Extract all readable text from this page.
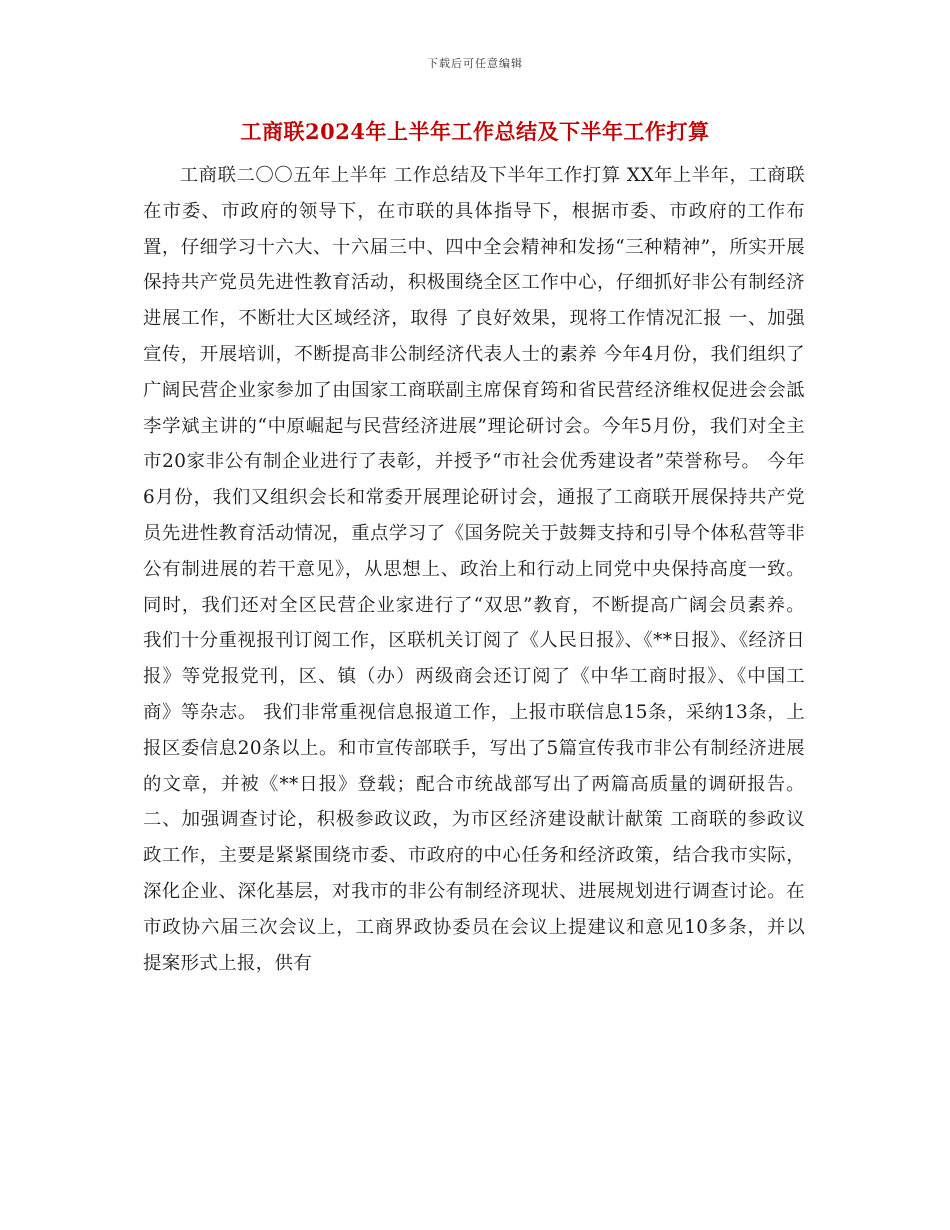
下载后可任意编辑
工商联2024年上半年工作总结及下半年工作打算

工商联二〇〇五年上半年 工作总结及下半年工作打算 XX年上半年，工商联在市委、市政府的领导下，在市联的具体指导下，根据市委、市政府的工作布置，仔细学习十六大、十六届三中、四中全会精神和发扬“三种精神”，所实开展保持共产党员先进性教育活动，积极围绕全区工作中心，仔细抓好非公有制经济进展工作，不断壮大区域经济，取得 了良好效果，现将工作情况汇报 一、加强宣传，开展培训，不断提高非公制经济代表人士的素养 今年4月份，我们组织了广阔民营企业家参加了由国家工商联副主席保育筠和省民营经济维权促进会会詆李学斌主讲的“中原崛起与民营经济进展”理论研讨会。今年5月份，我们对全主市20家非公有制企业进行了表彰，并授予“市社会优秀建设者”荣誉称号。 今年6月份，我们又组织会长和常委开展理论研讨会，通报了工商联开展保持共产党员先进性教育活动情况，重点学习了《国务院关于鼓舞支持和引导个体私营等非公有制进展的若干意见》，从思想上、政治上和行动上同党中央保持高度一致。同时，我们还对全区民营企业家进行了“双思”教育，不断提高广阔会员素养。 我们十分重视报刊订阅工作，区联机关订阅了《人民日报》、《**日报》、《经济日报》等党报党刊，区、镇（办）两级商会还订阅了《中华工商时报》、《中国工商》等杂志。 我们非常重视信息报道工作，上报市联信息15条，采纳13条，上报区委信息20条以上。和市宣传部联手，写出了5篇宣传我市非公有制经济进展的文章，并被《**日报》登载；配合市统战部写出了两篇高质量的调研报告。 二、加强调查讨论，积极参政议政，为市区经济建设献计献策 工商联的参政议政工作，主要是紧紧围绕市委、市政府的中心任务和经济政策，结合我市实际，深化企业、深化基层，对我市的非公有制经济现状、进展规划进行调查讨论。在市政协六届三次会议上，工商界政协委员在会议上提建议和意见10多条，并以提案形式上报，供有
